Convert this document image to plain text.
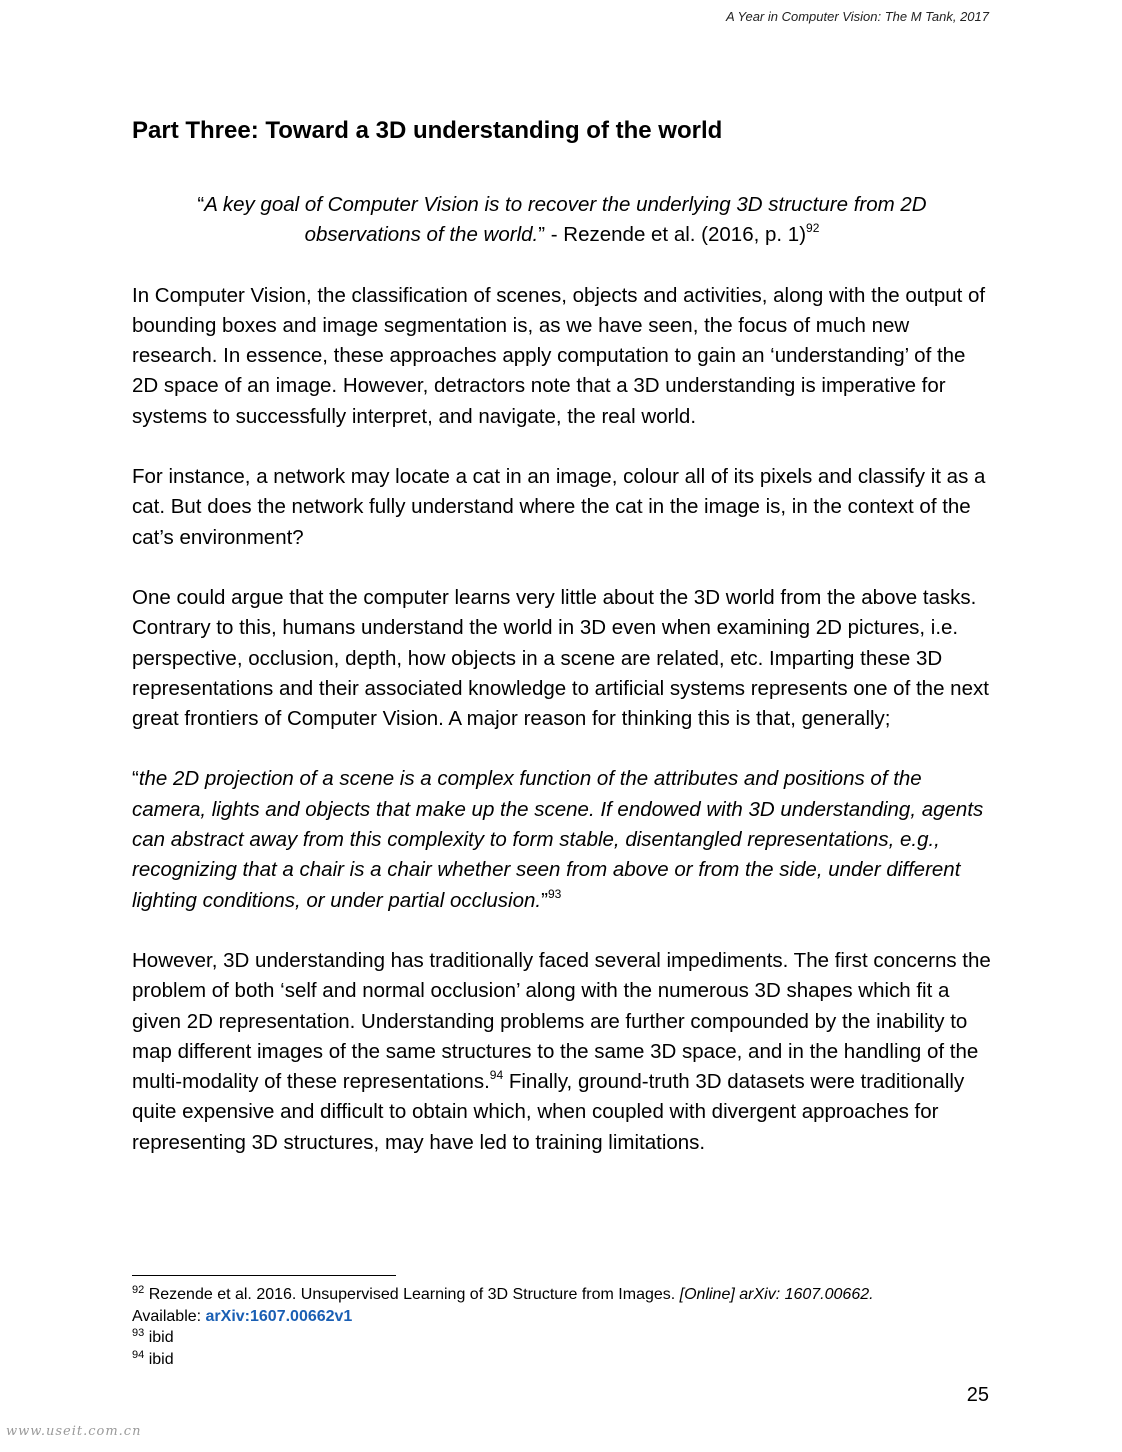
A Year in Computer Vision: The M Tank, 2017
Part Three: Toward a 3D understanding of the world

“A key goal of Computer Vision is to recover the underlying 3D structure from 2D observations of the world.” - Rezende et al. (2016, p. 1)$^{92}$

In Computer Vision, the classification of scenes, objects and activities, along with the output of bounding boxes and image segmentation is, as we have seen, the focus of much new research. In essence, these approaches apply computation to gain an ‘understanding’ of the 2D space of an image. However, detractors note that a 3D understanding is imperative for systems to successfully interpret, and navigate, the real world.

For instance, a network may locate a cat in an image, colour all of its pixels and classify it as a cat. But does the network fully understand where the cat in the image is, in the context of the cat’s environment?

One could argue that the computer learns very little about the 3D world from the above tasks. Contrary to this, humans understand the world in 3D even when examining 2D pictures, i.e. perspective, occlusion, depth, how objects in a scene are related, etc. Imparting these 3D representations and their associated knowledge to artificial systems represents one of the next great frontiers of Computer Vision. A major reason for thinking this is that, generally;

“the 2D projection of a scene is a complex function of the attributes and positions of the camera, lights and objects that make up the scene. If endowed with 3D understanding, agents can abstract away from this complexity to form stable, disentangled representations, e.g., recognizing that a chair is a chair whether seen from above or from the side, under different lighting conditions, or under partial occlusion.”$^{93}$

However, 3D understanding has traditionally faced several impediments. The first concerns the problem of both ‘self and normal occlusion’ along with the numerous 3D shapes which fit a given 2D representation. Understanding problems are further compounded by the inability to map different images of the same structures to the same 3D space, and in the handling of the multi-modality of these representations.$^{94}$ Finally, ground-truth 3D datasets were traditionally quite expensive and difficult to obtain which, when coupled with divergent approaches for representing 3D structures, may have led to training limitations.

$^{92}$ Rezende et al. 2016. Unsupervised Learning of 3D Structure from Images. [Online] arXiv: 1607.00662.
Available: arXiv:1607.00662v1
$^{93}$ ibid
$^{94}$ ibid
25
www.useit.com.cn
